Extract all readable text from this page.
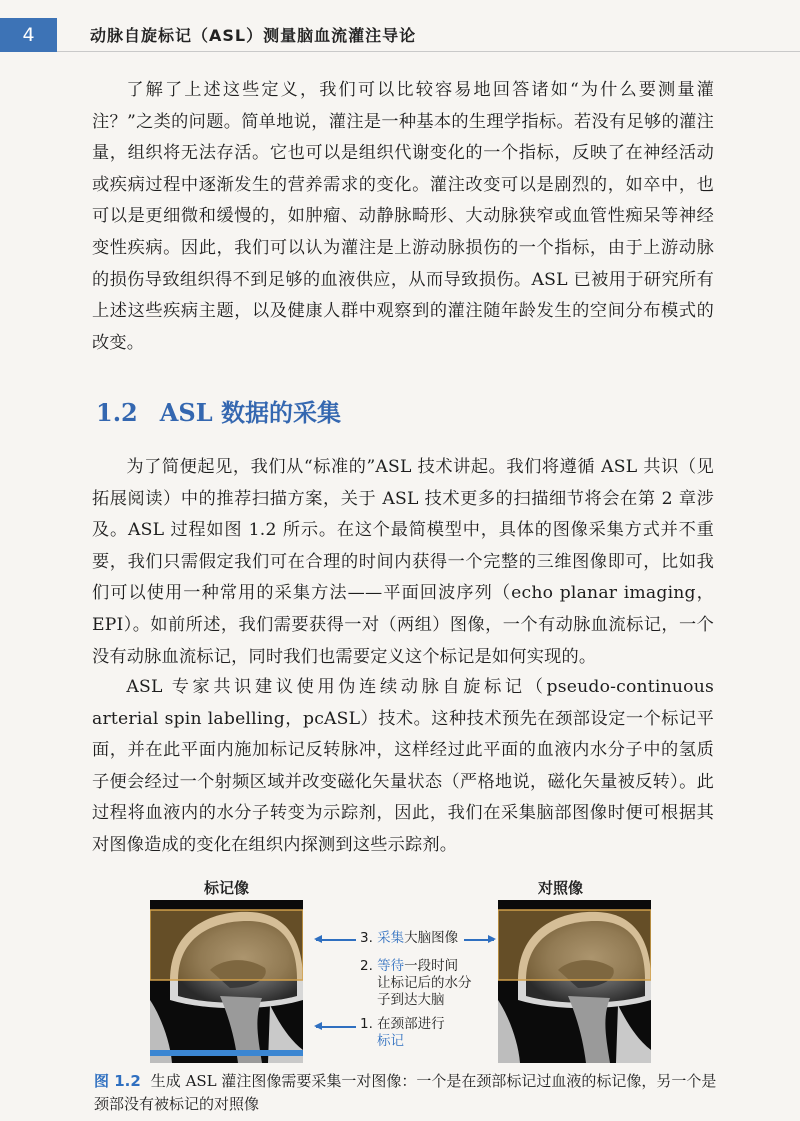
4	动脉自旋标记（ASL）测量脑血流灌注导论

了解了上述这些定义，我们可以比较容易地回答诸如“为什么要测量灌注？”之类的问题。简单地说，灌注是一种基本的生理学指标。若没有足够的灌注量，组织将无法存活。它也可以是组织代谢变化的一个指标，反映了在神经活动或疾病过程中逐渐发生的营养需求的变化。灌注改变可以是剧烈的，如卒中，也可以是更细微和缓慢的，如肿瘤、动静脉畸形、大动脉狭窄或血管性痴呆等神经变性疾病。因此，我们可以认为灌注是上游动脉损伤的一个指标，由于上游动脉的损伤导致组织得不到足够的血液供应，从而导致损伤。ASL 已被用于研究所有上述这些疾病主题，以及健康人群中观察到的灌注随年龄发生的空间分布模式的改变。

1.2 ASL 数据的采集

为了简便起见，我们从“标准的”ASL 技术讲起。我们将遵循 ASL 共识（见拓展阅读）中的推荐扫描方案，关于 ASL 技术更多的扫描细节将会在第 2 章涉及。ASL 过程如图 1.2 所示。在这个最简模型中，具体的图像采集方式并不重要，我们只需假定我们可在合理的时间内获得一个完整的三维图像即可，比如我们可以使用一种常用的采集方法——平面回波序列（echo planar imaging，EPI）。如前所述，我们需要获得一对（两组）图像，一个有动脉血流标记，一个没有动脉血流标记，同时我们也需要定义这个标记是如何实现的。

ASL 专家共识建议使用伪连续动脉自旋标记（pseudo-continuous arterial spin labelling，pcASL）技术。这种技术预先在颈部设定一个标记平面，并在此平面内施加标记反转脉冲，这样经过此平面的血液内水分子中的氢质子便会经过一个射频区域并改变磁化矢量状态（严格地说，磁化矢量被反转）。此过程将血液内的水分子转变为示踪剂，因此，我们在采集脑部图像时便可根据其对图像造成的变化在组织内探测到这些示踪剂。

标记像	对照像
3. 采集大脑图像
2. 等待一段时间
让标记后的水分
子到达大脑
1. 在颈部进行
标记

图 1.2 生成 ASL 灌注图像需要采集一对图像：一个是在颈部标记过血液的标记像，另一个是颈部没有被标记的对照像
